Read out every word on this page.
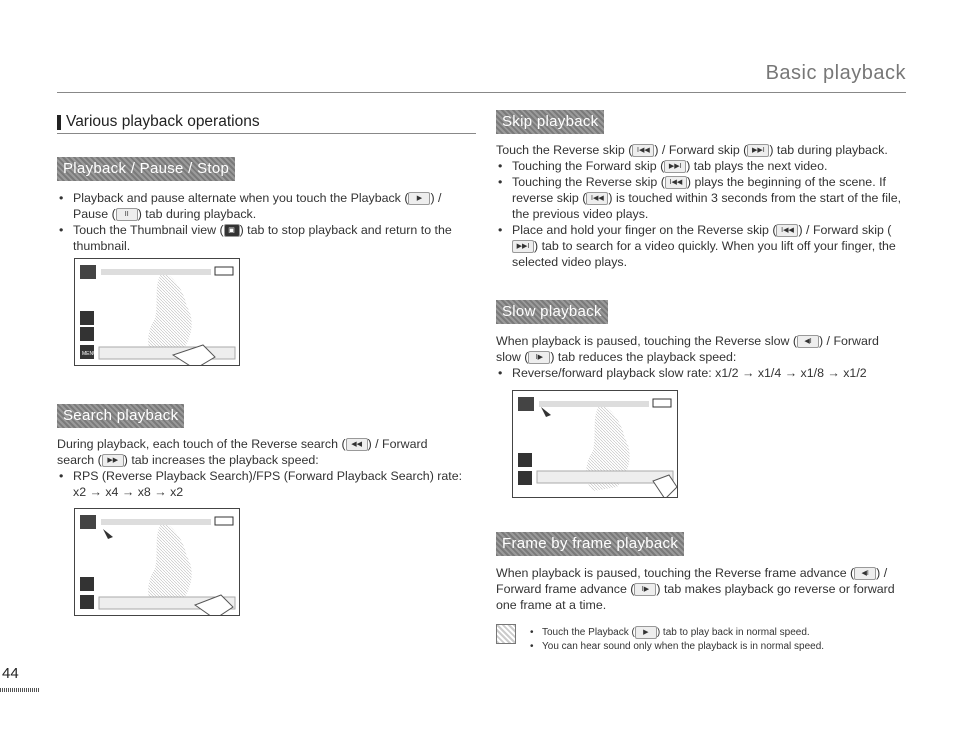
Basic playback
Various playback operations
Playback / Pause / Stop
• Playback and pause alternate when you touch the Playback ( ▶ ) / Pause ( II ) tab during playback.
• Touch the Thumbnail view ( ▣ ) tab to stop playback and return to the thumbnail.
MENU
Search playback

During playback, each touch of the Reverse search ( ◀◀ ) / Forward search ( ▶▶ ) tab increases the playback speed:

• RPS (Reverse Playback Search)/FPS (Forward Playback Search) rate: x2 → x4 → x8 → x2
Skip playback

Touch the Reverse skip ( I◀◀ ) / Forward skip ( ▶▶I ) tab during playback.

• Touching the Forward skip ( ▶▶I ) tab plays the next video.
• Touching the Reverse skip ( I◀◀ ) plays the beginning of the scene. If reverse skip ( I◀◀ ) is touched within 3 seconds from the start of the file, the previous video plays.
• Place and hold your finger on the Reverse skip ( I◀◀ ) / Forward skip (▶▶I ) tab to search for a video quickly. When you lift off your finger, the selected video plays.
Slow playback

When playback is paused, touching the Reverse slow ( ◀I ) / Forward slow ( I▶ ) tab reduces the playback speed:

• Reverse/forward playback slow rate: x1/2 → x1/4 → x1/8 → x1/2
Frame by frame playback

When playback is paused, touching the Reverse frame advance ( ◀I ) / Forward frame advance ( I▶ ) tab makes playback go reverse or forward one frame at a time.

• Touch the Playback ( ▶ ) tab to play back in normal speed.
• You can hear sound only when the playback is in normal speed.
44
